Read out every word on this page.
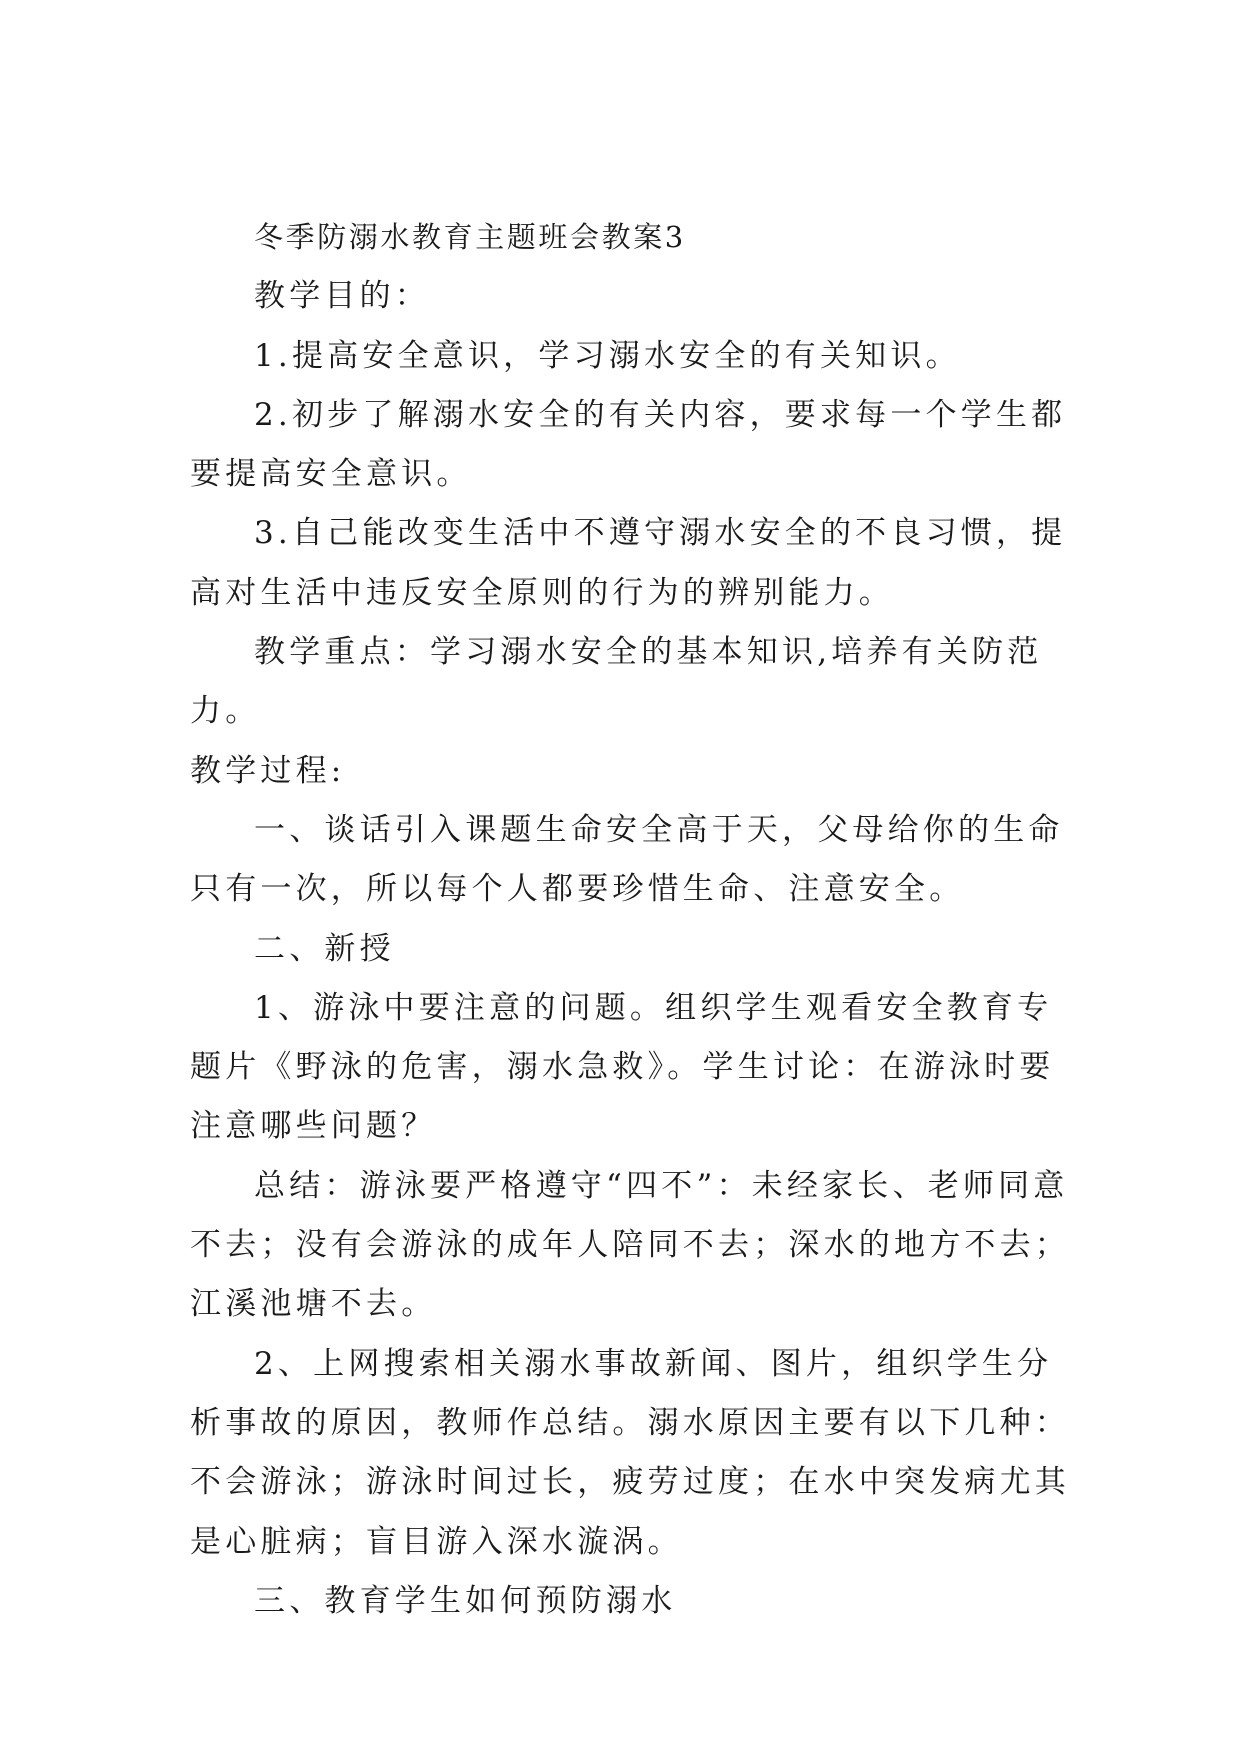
冬季防溺水教育主题班会教案3

教学目的：

1.提高安全意识，学习溺水安全的有关知识。

2.初步了解溺水安全的有关内容，要求每一个学生都要提高安全意识。

3.自己能改变生活中不遵守溺水安全的不良习惯，提高对生活中违反安全原则的行为的辨别能力。

教学重点：学习溺水安全的基本知识,培养有关防范力。

教学过程:

一、谈话引入课题生命安全高于天，父母给你的生命只有一次，所以每个人都要珍惜生命、注意安全。

二、新授

1、游泳中要注意的问题。组织学生观看安全教育专题片《野泳的危害，溺水急救》。学生讨论：在游泳时要注意哪些问题？

总结：游泳要严格遵守“四不”：未经家长、老师同意不去；没有会游泳的成年人陪同不去；深水的地方不去；江溪池塘不去。

2、上网搜索相关溺水事故新闻、图片，组织学生分析事故的原因，教师作总结。溺水原因主要有以下几种：不会游泳；游泳时间过长，疲劳过度；在水中突发病尤其是心脏病；盲目游入深水漩涡。

三、教育学生如何预防溺水
